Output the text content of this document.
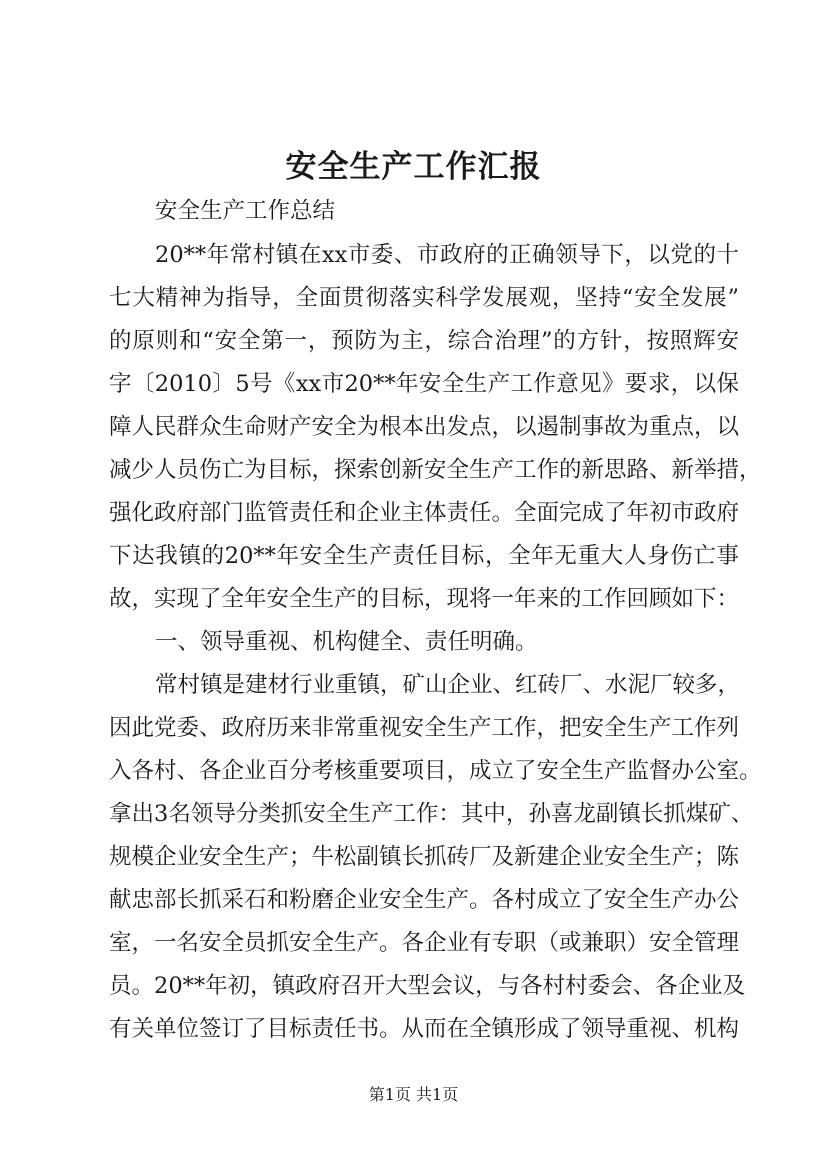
安全生产工作汇报
安全生产工作总结
20**年常村镇在xx市委、市政府的正确领导下，以党的十
七大精神为指导，全面贯彻落实科学发展观，坚持“安全发展”
的原则和“安全第一，预防为主，综合治理”的方针，按照辉安
字〔2010〕5号《xx市20**年安全生产工作意见》要求，以保
障人民群众生命财产安全为根本出发点，以遏制事故为重点，以
减少人员伤亡为目标，探索创新安全生产工作的新思路、新举措，
强化政府部门监管责任和企业主体责任。全面完成了年初市政府
下达我镇的20**年安全生产责任目标，全年无重大人身伤亡事
故，实现了全年安全生产的目标，现将一年来的工作回顾如下：
一、领导重视、机构健全、责任明确。
常村镇是建材行业重镇，矿山企业、红砖厂、水泥厂较多，
因此党委、政府历来非常重视安全生产工作，把安全生产工作列
入各村、各企业百分考核重要项目，成立了安全生产监督办公室。
拿出3名领导分类抓安全生产工作：其中，孙喜龙副镇长抓煤矿、
规模企业安全生产；牛松副镇长抓砖厂及新建企业安全生产；陈
献忠部长抓采石和粉磨企业安全生产。各村成立了安全生产办公
室，一名安全员抓安全生产。各企业有专职（或兼职）安全管理
员。20**年初，镇政府召开大型会议，与各村村委会、各企业及
有关单位签订了目标责任书。从而在全镇形成了领导重视、机构
第1页 共1页
